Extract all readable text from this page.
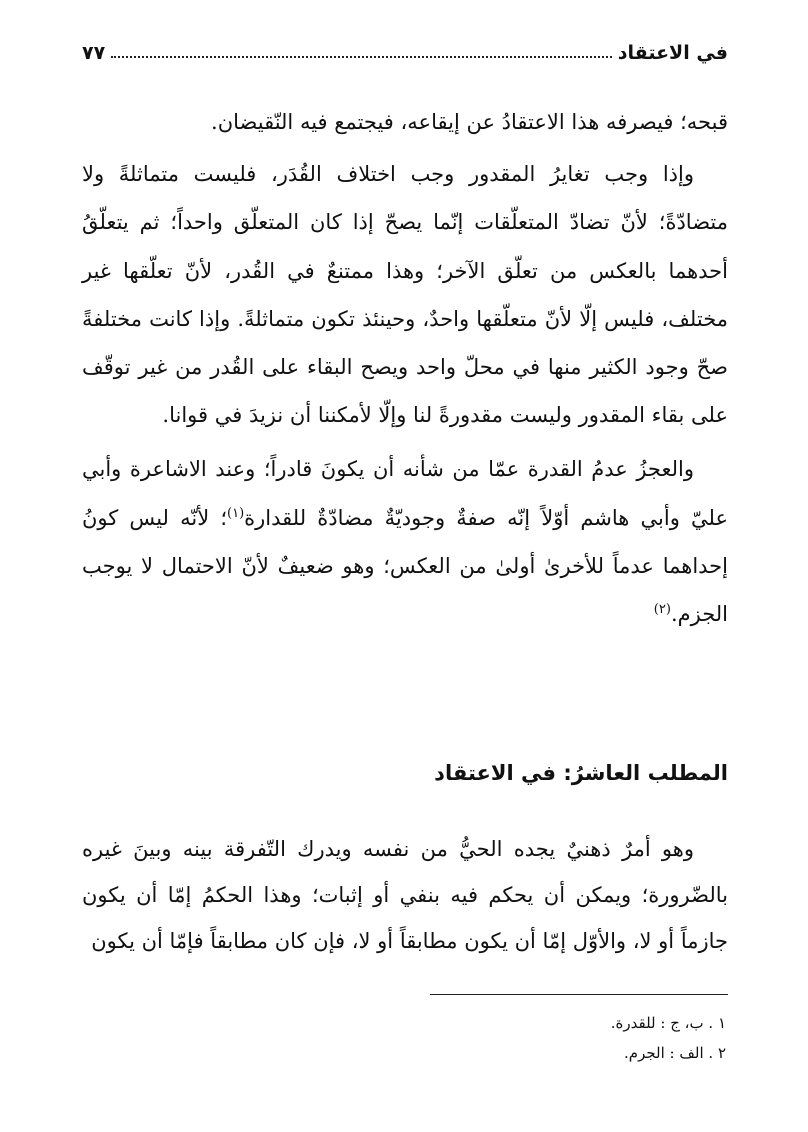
في الاعتقاد
٧٧

قبحه؛ فيصرفه هذا الاعتقادُ عن إيقاعه، فيجتمع فيه النّقيضان.

وإذا وجب تغايرُ المقدور وجب اختلاف القُدَر، فليست متماثلةً ولا متضادّةً؛ لأنّ تضادّ المتعلّقات إنّما يصحّ إذا كان المتعلّق واحداً؛ ثم يتعلّقُ أحدهما بالعكس من تعلّق الآخر؛ وهذا ممتنعٌ في القُدر، لأنّ تعلّقها غير مختلف، فليس إلّا لأنّ متعلّقها واحدٌ، وحينئذ تكون متماثلةً. وإذا كانت مختلفةً صحّ وجود الكثير منها في محلّ واحد ويصح البقاء على القُدر من غير توقّف على بقاء المقدور وليست مقدورةً لنا وإلّا لأمكننا أن نزيدَ في قوانا.

والعجزُ عدمُ القدرة عمّا من شأنه أن يكونَ قادراً؛ وعند الاشاعرة وأبي عليّ وأبي هاشم أوّلاً إنّه صفةٌ وجوديّةٌ مضادّةٌ للقدارة$^{(١)}$؛ لأنّه ليس كونُ إحداهما عدماً للأخرىٰ أولىٰ من العكس؛ وهو ضعيفٌ لأنّ الاحتمال لا يوجب الجزم.$^{(٢)}$

المطلب العاشرُ: في الاعتقاد

وهو أمرٌ ذهنيٌ يجده الحيُّ من نفسه ويدرك التّفرقة بينه وبينَ غيره بالضّرورة؛ ويمكن أن يحكم فيه بنفي أو إثبات؛ وهذا الحكمُ إمّا أن يكون جازماً أو لا، والأوّل إمّا أن يكون مطابقاً أو لا، فإن كان مطابقاً فإمّا أن يكون

١ . ب، ج : للقدرة.
٢ . الف : الجرم.
